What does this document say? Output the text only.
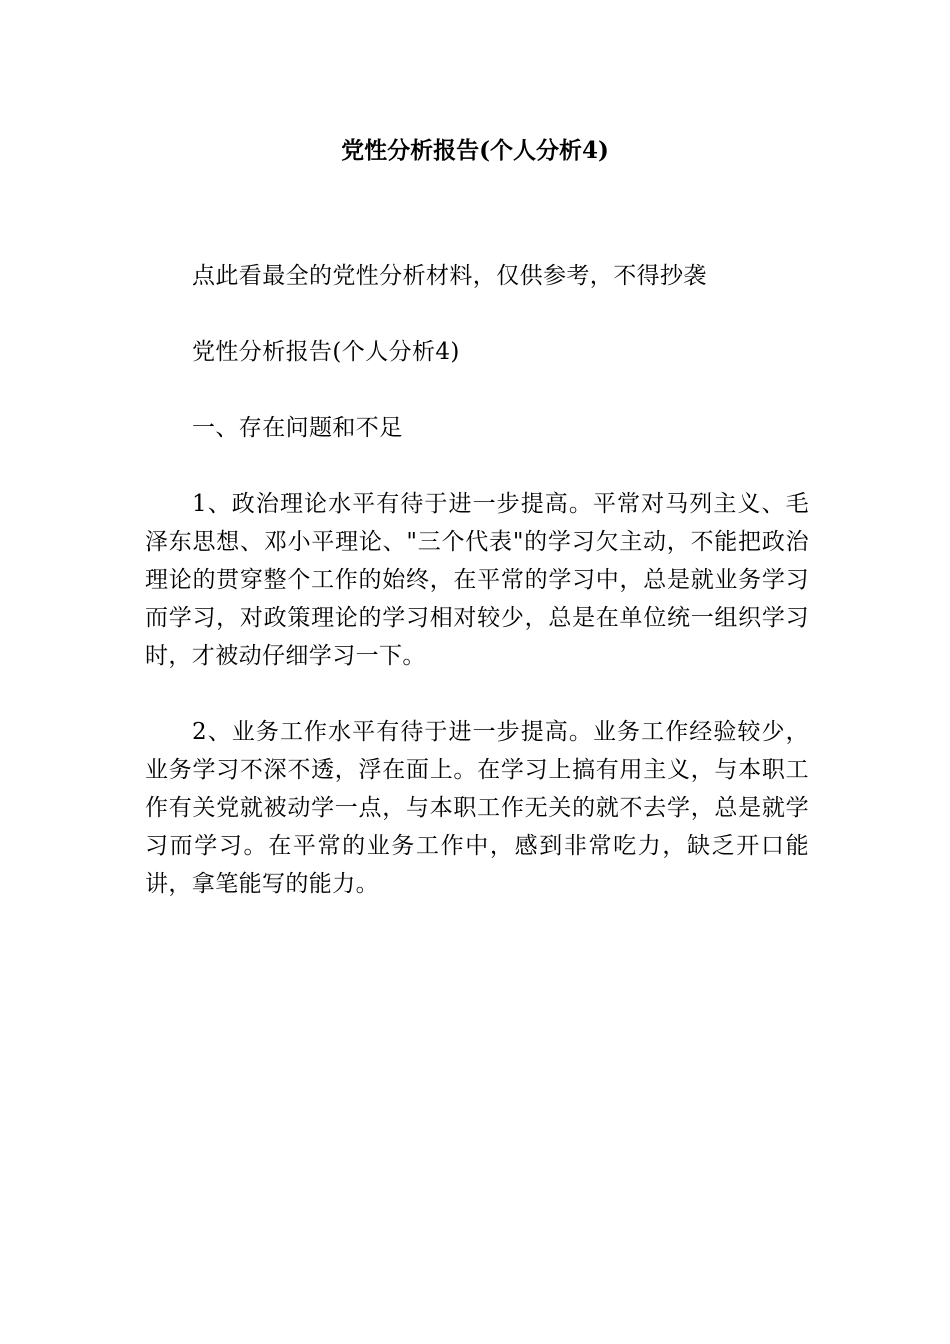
党性分析报告(个人分析4)

点此看最全的党性分析材料，仅供参考，不得抄袭

党性分析报告(个人分析4)

一、存在问题和不足

1、政治理论水平有待于进一步提高。平常对马列主义、毛泽东思想、邓小平理论、"三个代表"的学习欠主动，不能把政治理论的贯穿整个工作的始终，在平常的学习中，总是就业务学习而学习，对政策理论的学习相对较少，总是在单位统一组织学习时，才被动仔细学习一下。

2、业务工作水平有待于进一步提高。业务工作经验较少，业务学习不深不透，浮在面上。在学习上搞有用主义，与本职工作有关党就被动学一点，与本职工作无关的就不去学，总是就学习而学习。在平常的业务工作中，感到非常吃力，缺乏开口能讲，拿笔能写的能力。
